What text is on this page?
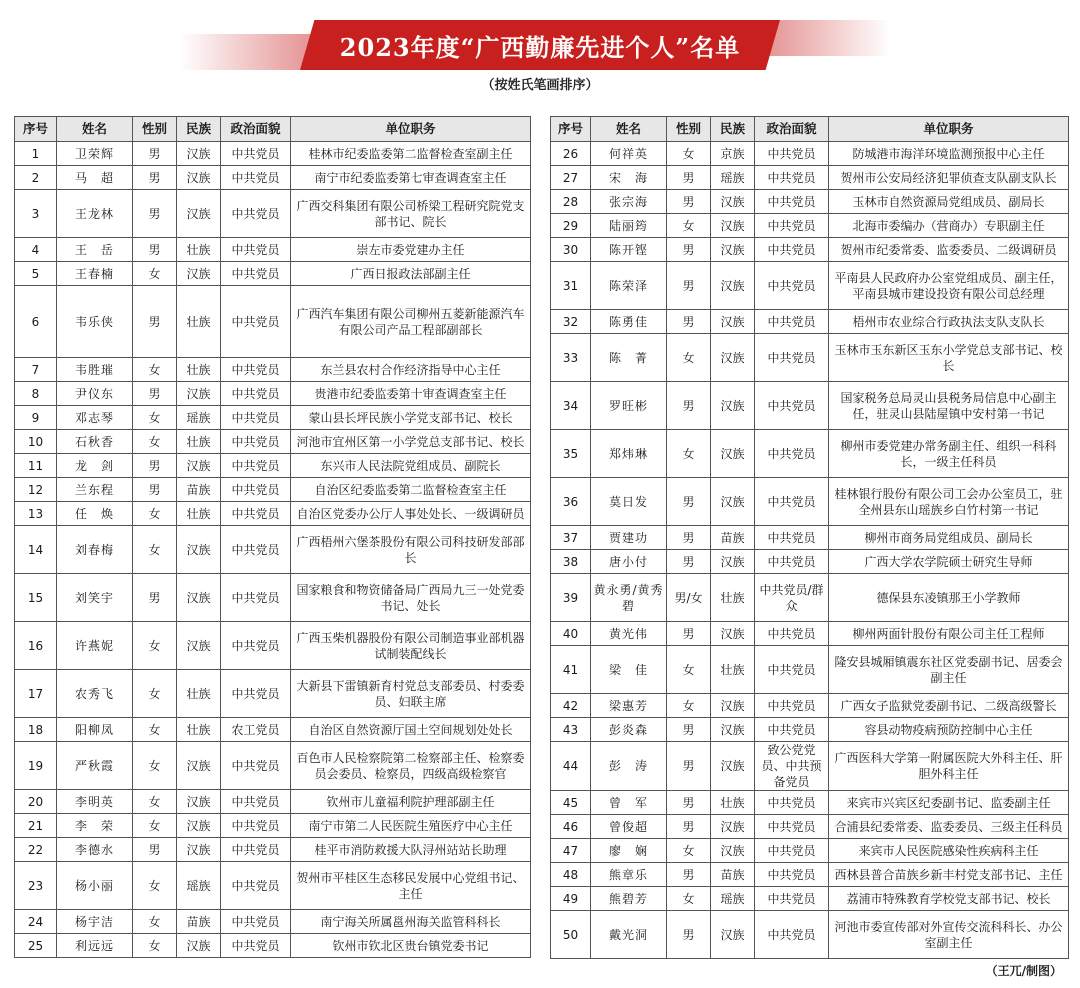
2023年度“广西勤廉先进个人”名单
（按姓氏笔画排序）
序号	姓名	性别	民族	政治面貌	单位职务
1	卫荣辉	男	汉族	中共党员	桂林市纪委监委第二监督检查室副主任
2	马　超	男	汉族	中共党员	南宁市纪委监委第七审查调查室主任
3	王龙林	男	汉族	中共党员	广西交科集团有限公司桥梁工程研究院党支部书记、院长
4	王　岳	男	壮族	中共党员	崇左市委党建办主任
5	王春楠	女	汉族	中共党员	广西日报政法部副主任
6	韦乐侠	男	壮族	中共党员	广西汽车集团有限公司柳州五菱新能源汽车有限公司产品工程部副部长
7	韦胜璀	女	壮族	中共党员	东兰县农村合作经济指导中心主任
8	尹仪东	男	汉族	中共党员	贵港市纪委监委第十审查调查室主任
9	邓志琴	女	瑶族	中共党员	蒙山县长坪民族小学党支部书记、校长
10	石秋香	女	壮族	中共党员	河池市宜州区第一小学党总支部书记、校长
11	龙　剑	男	汉族	中共党员	东兴市人民法院党组成员、副院长
12	兰东程	男	苗族	中共党员	自治区纪委监委第二监督检查室主任
13	任　焕	女	壮族	中共党员	自治区党委办公厅人事处处长、一级调研员
14	刘春梅	女	汉族	中共党员	广西梧州六堡茶股份有限公司科技研发部部长
15	刘笑宇	男	汉族	中共党员	国家粮食和物资储备局广西局九三一处党委书记、处长
16	许燕妮	女	汉族	中共党员	广西玉柴机器股份有限公司制造事业部机器试制装配线长
17	农秀飞	女	壮族	中共党员	大新县下雷镇新育村党总支部委员、村委委员、妇联主席
18	阳柳凤	女	壮族	农工党员	自治区自然资源厅国土空间规划处处长
19	严秋霞	女	汉族	中共党员	百色市人民检察院第二检察部主任、检察委员会委员、检察员，四级高级检察官
20	李明英	女	汉族	中共党员	钦州市儿童福利院护理部副主任
21	李　荣	女	汉族	中共党员	南宁市第二人民医院生殖医疗中心主任
22	李德水	男	汉族	中共党员	桂平市消防救援大队浔州站站长助理
23	杨小丽	女	瑶族	中共党员	贺州市平桂区生态移民发展中心党组书记、主任
24	杨宇洁	女	苗族	中共党员	南宁海关所属邕州海关监管科科长
25	利远远	女	汉族	中共党员	钦州市钦北区贵台镇党委书记
序号	姓名	性别	民族	政治面貌	单位职务
26	何祥英	女	京族	中共党员	防城港市海洋环境监测预报中心主任
27	宋　海	男	瑶族	中共党员	贺州市公安局经济犯罪侦查支队副支队长
28	张宗海	男	汉族	中共党员	玉林市自然资源局党组成员、副局长
29	陆丽筠	女	汉族	中共党员	北海市委编办（营商办）专职副主任
30	陈开铿	男	汉族	中共党员	贺州市纪委常委、监委委员、二级调研员
31	陈荣泽	男	汉族	中共党员	平南县人民政府办公室党组成员、副主任，平南县城市建设投资有限公司总经理
32	陈勇佳	男	汉族	中共党员	梧州市农业综合行政执法支队支队长
33	陈　菁	女	汉族	中共党员	玉林市玉东新区玉东小学党总支部书记、校长
34	罗旺彬	男	汉族	中共党员	国家税务总局灵山县税务局信息中心副主任，驻灵山县陆屋镇中安村第一书记
35	郑炜琳	女	汉族	中共党员	柳州市委党建办常务副主任、组织一科科长，一级主任科员
36	莫日发	男	汉族	中共党员	桂林银行股份有限公司工会办公室员工，驻全州县东山瑶族乡白竹村第一书记
37	贾建功	男	苗族	中共党员	柳州市商务局党组成员、副局长
38	唐小付	男	汉族	中共党员	广西大学农学院硕士研究生导师
39	黄永勇/黄秀碧	男/女	壮族	中共党员/群众	德保县东凌镇那王小学教师
40	黄光伟	男	汉族	中共党员	柳州两面针股份有限公司主任工程师
41	梁　佳	女	壮族	中共党员	隆安县城厢镇震东社区党委副书记、居委会副主任
42	梁惠芳	女	汉族	中共党员	广西女子监狱党委副书记、二级高级警长
43	彭炎森	男	汉族	中共党员	容县动物疫病预防控制中心主任
44	彭　涛	男	汉族	致公党党员、中共预备党员	广西医科大学第一附属医院大外科主任、肝胆外科主任
45	曾　军	男	壮族	中共党员	来宾市兴宾区纪委副书记、监委副主任
46	曾俊超	男	汉族	中共党员	合浦县纪委常委、监委委员、三级主任科员
47	廖　娴	女	汉族	中共党员	来宾市人民医院感染性疾病科主任
48	熊章乐	男	苗族	中共党员	西林县普合苗族乡新丰村党支部书记、主任
49	熊碧芳	女	瑶族	中共党员	荔浦市特殊教育学校党支部书记、校长
50	戴光洞	男	汉族	中共党员	河池市委宣传部对外宣传交流科科长、办公室副主任
（王兀/制图）
